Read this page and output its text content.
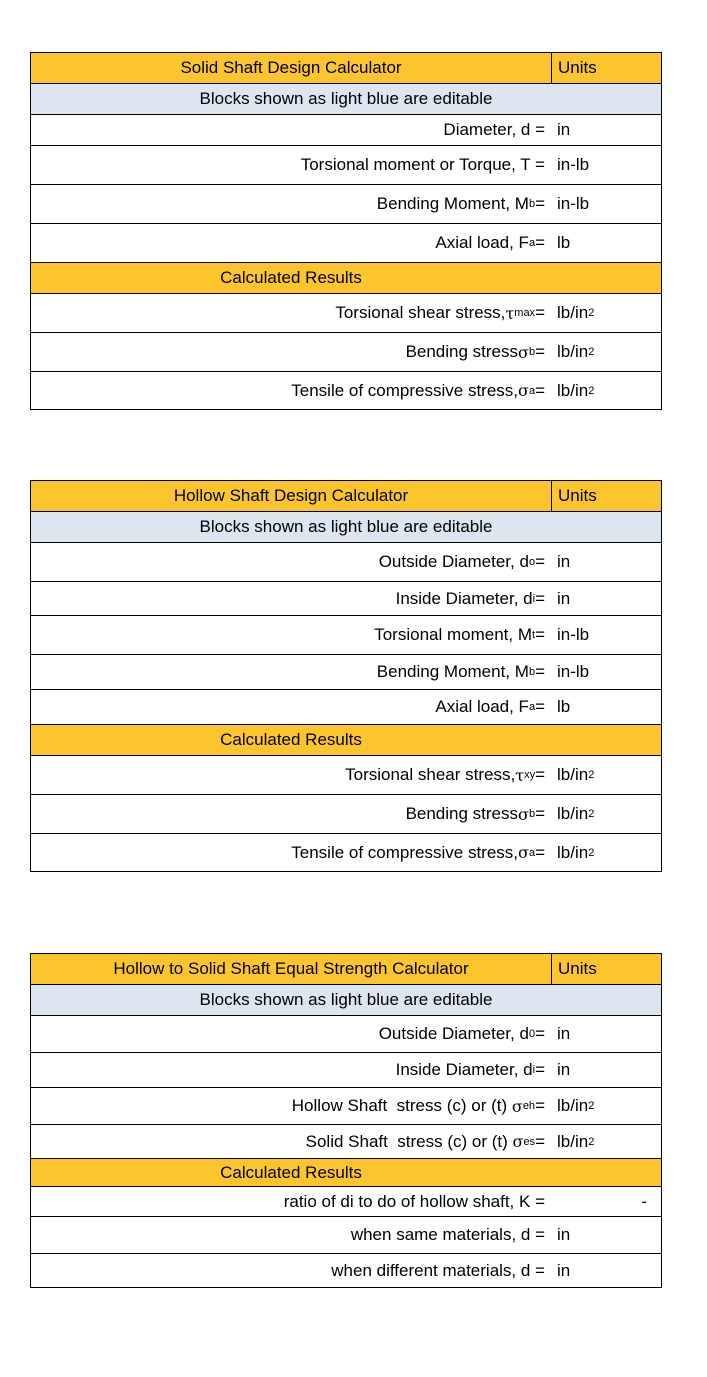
Solid Shaft Design Calculator	Units
Blocks shown as light blue are editable
Diameter, d = in
Torsional moment or Torque, T = in-lb
Bending Moment, M b = in-lb
Axial load, F a = lb
Calculated Results
Torsional shear stress, τ max = lb/in 2
Bending stress σ b = lb/in 2
Tensile of compressive stress, σ a = lb/in 2
Hollow Shaft Design Calculator	Units
Blocks shown as light blue are editable
Outside Diameter, d o = in
Inside Diameter, d i = in
Torsional moment, M t = in-lb
Bending Moment, M b = in-lb
Axial load, F a = lb
Calculated Results
Torsional shear stress, τ xy = lb/in 2
Bending stress σ b = lb/in 2
Tensile of compressive stress, σ a = lb/in 2
Hollow to Solid Shaft Equal Strength Calculator	Units
Blocks shown as light blue are editable
Outside Diameter, d 0 = in
Inside Diameter, d i = in
Hollow Shaft  stress (c) or (t) σ eh = lb/in 2
Solid Shaft  stress (c) or (t) σ es = lb/in 2
Calculated Results
ratio of di to do of hollow shaft, K =	-
when same materials, d = in
when different materials, d = in
